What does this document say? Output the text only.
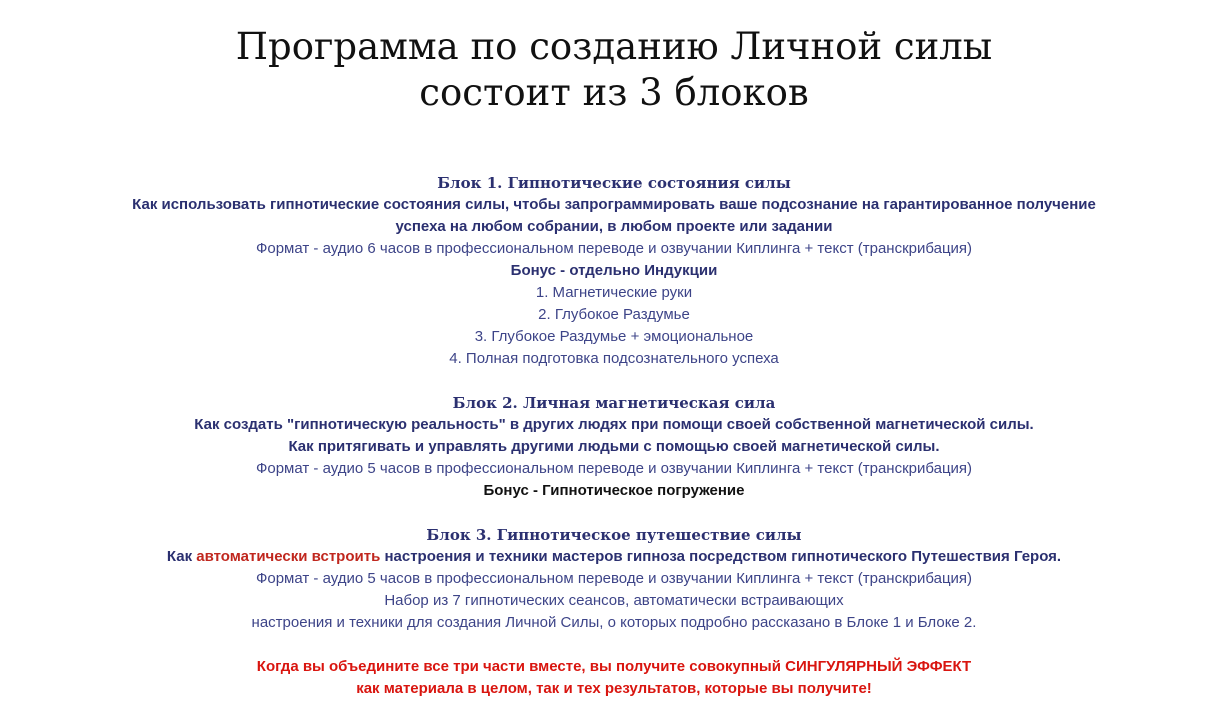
Программа по созданию Личной силы
состоит из 3 блоков
Блок 1. Гипнотические состояния силы
Как использовать гипнотические состояния силы, чтобы запрограммировать ваше подсознание на гарантированное получение
успеха на любом собрании, в любом проекте или задании
Формат - аудио 6 часов в профессиональном переводе и озвучании Киплинга + текст (транскрибация)
Бонус - отдельно Индукции
1. Магнетические руки
2. Глубокое Раздумье
3. Глубокое Раздумье + эмоциональное
4. Полная подготовка подсознательного успеха
Блок 2. Личная магнетическая сила
Как создать "гипнотическую реальность" в других людях при помощи своей собственной магнетической силы.
Как притягивать и управлять другими людьми с помощью своей магнетической силы.
Формат - аудио 5 часов в профессиональном переводе и озвучании Киплинга + текст (транскрибация)
Бонус - Гипнотическое погружение
Блок 3. Гипнотическое путешествие силы
Как автоматически встроить настроения и техники мастеров гипноза посредством гипнотического Путешествия Героя.
Формат - аудио 5 часов в профессиональном переводе и озвучании Киплинга + текст (транскрибация)
Набор из 7 гипнотических сеансов, автоматически встраивающих
настроения и техники для создания Личной Силы, о которых подробно рассказано в Блоке 1 и Блоке 2.
Когда вы объедините все три части вместе, вы получите совокупный СИНГУЛЯРНЫЙ ЭФФЕКТ
как материала в целом, так и тех результатов, которые вы получите!
